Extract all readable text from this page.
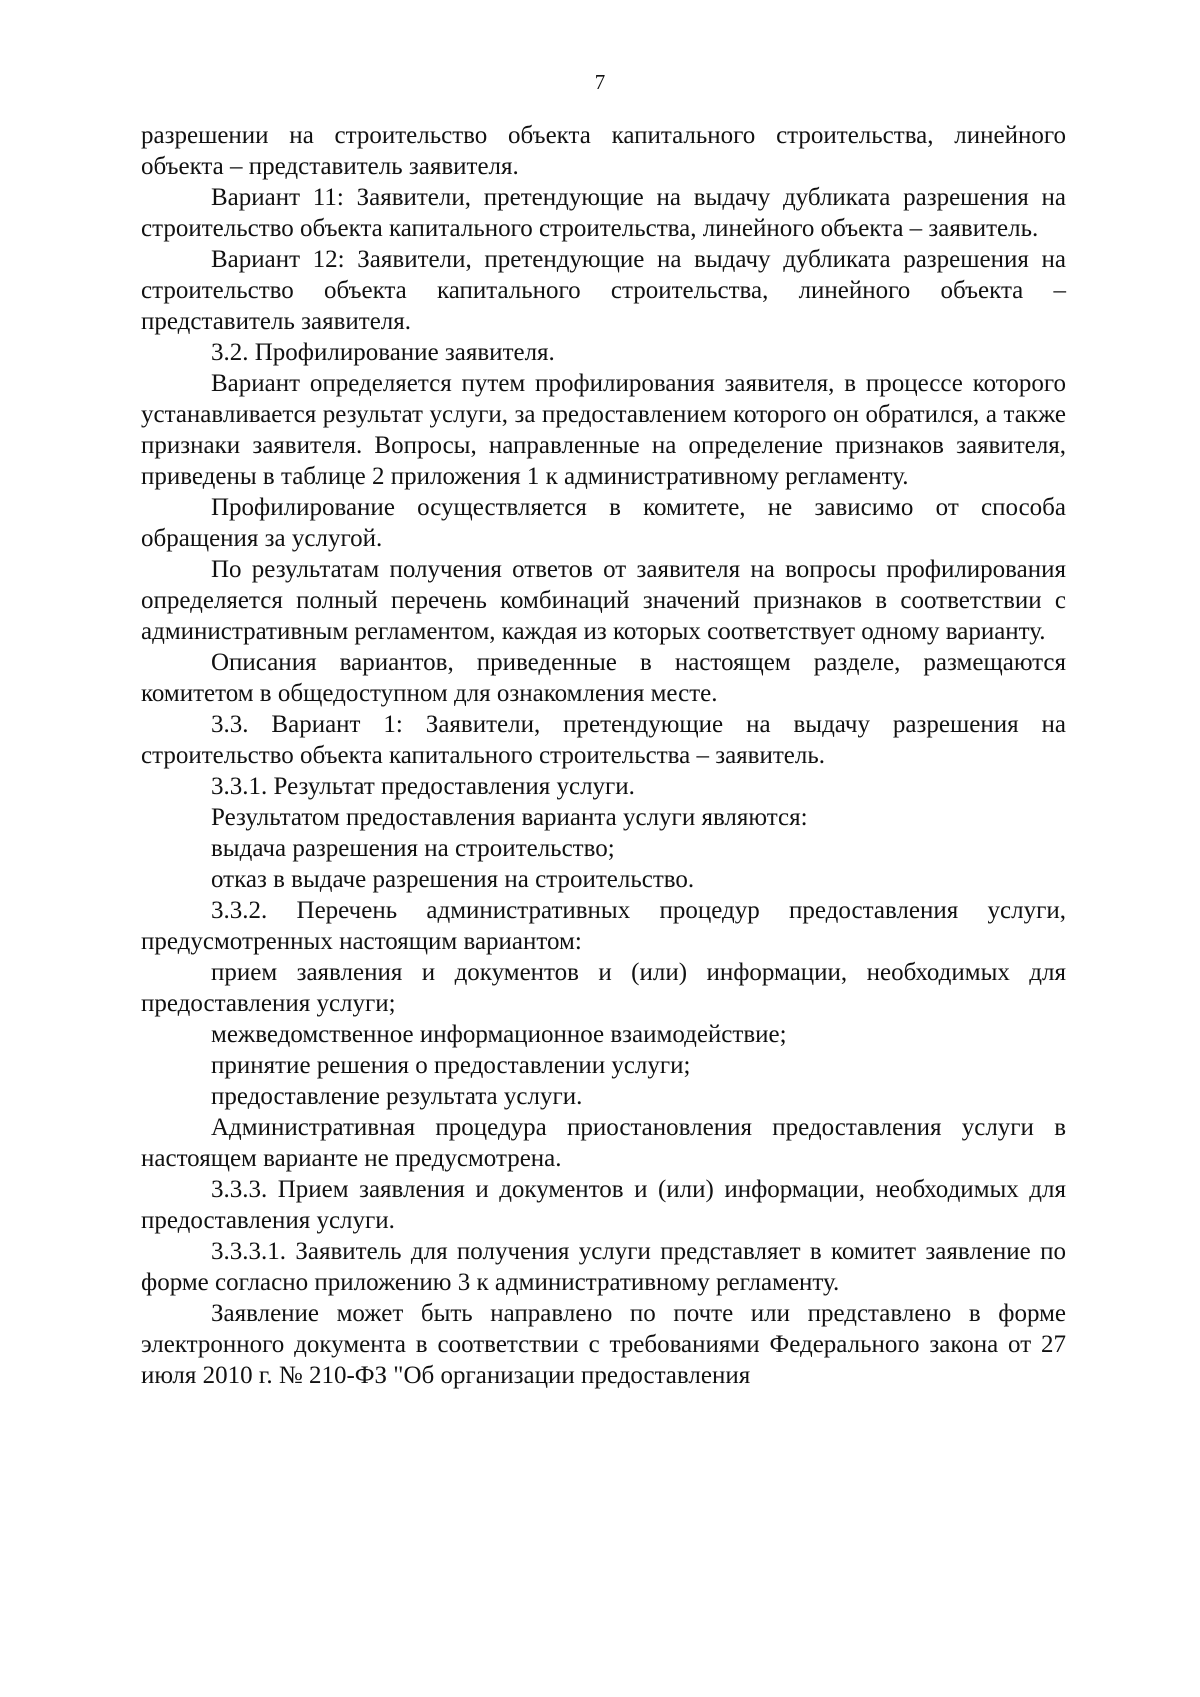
7

разрешении на строительство объекта капитального строительства, линейного объекта – представитель заявителя.

Вариант 11: Заявители, претендующие на выдачу дубликата разрешения на строительство объекта капитального строительства, линейного объекта – заявитель.

Вариант 12: Заявители, претендующие на выдачу дубликата разрешения на строительство объекта капитального строительства, линейного объекта – представитель заявителя.

3.2. Профилирование заявителя.

Вариант определяется путем профилирования заявителя, в процессе которого устанавливается результат услуги, за предоставлением которого он обратился, а также признаки заявителя. Вопросы, направленные на определение признаков заявителя, приведены в таблице 2 приложения 1 к административному регламенту.

Профилирование осуществляется в комитете, не зависимо от способа обращения за услугой.

По результатам получения ответов от заявителя на вопросы профилирования определяется полный перечень комбинаций значений признаков в соответствии с административным регламентом, каждая из которых соответствует одному варианту.

Описания вариантов, приведенные в настоящем разделе, размещаются комитетом в общедоступном для ознакомления месте.

3.3. Вариант 1: Заявители, претендующие на выдачу разрешения на строительство объекта капитального строительства – заявитель.

3.3.1. Результат предоставления услуги.

Результатом предоставления варианта услуги являются:

выдача разрешения на строительство;

отказ в выдаче разрешения на строительство.

3.3.2. Перечень административных процедур предоставления услуги, предусмотренных настоящим вариантом:

прием заявления и документов и (или) информации, необходимых для предоставления услуги;

межведомственное информационное взаимодействие;

принятие решения о предоставлении услуги;

предоставление результата услуги.

Административная процедура приостановления предоставления услуги в настоящем варианте не предусмотрена.

3.3.3. Прием заявления и документов и (или) информации, необходимых для предоставления услуги.

3.3.3.1. Заявитель для получения услуги представляет в комитет заявление по форме согласно приложению 3 к административному регламенту.

Заявление может быть направлено по почте или представлено в форме электронного документа в соответствии с требованиями Федерального закона от 27 июля 2010 г. № 210-ФЗ "Об организации предоставления
